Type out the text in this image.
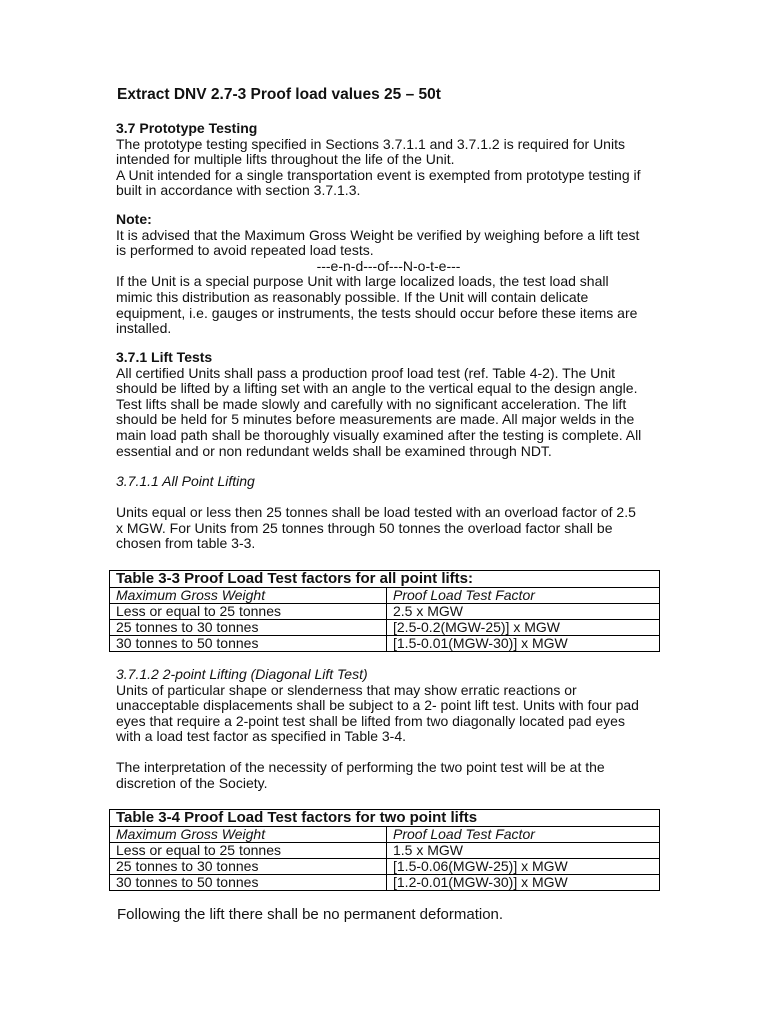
Extract DNV 2.7-3 Proof load values 25 – 50t
3.7 Prototype Testing
The prototype testing specified in Sections 3.7.1.1 and 3.7.1.2 is required for Units
intended for multiple lifts throughout the life of the Unit.
A Unit intended for a single transportation event is exempted from prototype testing if
built in accordance with section 3.7.1.3.
Note:
It is advised that the Maximum Gross Weight be verified by weighing before a lift test
is performed to avoid repeated load tests.
---e-n-d---of---N-o-t-e---
If the Unit is a special purpose Unit with large localized loads, the test load shall
mimic this distribution as reasonably possible. If the Unit will contain delicate
equipment, i.e. gauges or instruments, the tests should occur before these items are
installed.
3.7.1 Lift Tests
All certified Units shall pass a production proof load test (ref. Table 4-2). The Unit
should be lifted by a lifting set with an angle to the vertical equal to the design angle.
Test lifts shall be made slowly and carefully with no significant acceleration. The lift
should be held for 5 minutes before measurements are made. All major welds in the
main load path shall be thoroughly visually examined after the testing is complete. All
essential and or non redundant welds shall be examined through NDT.
3.7.1.1 All Point Lifting
Units equal or less then 25 tonnes shall be load tested with an overload factor of 2.5
x MGW. For Units from 25 tonnes through 50 tonnes the overload factor shall be
chosen from table 3-3.
Table 3-3 Proof Load Test factors for all point lifts:	
Maximum Gross Weight	Proof Load Test Factor
Less or equal to 25 tonnes	2.5 x MGW
25 tonnes to 30 tonnes	[2.5-0.2(MGW-25)] x MGW
30 tonnes to 50 tonnes	[1.5-0.01(MGW-30)] x MGW
3.7.1.2 2-point Lifting (Diagonal Lift Test)
Units of particular shape or slenderness that may show erratic reactions or
unacceptable displacements shall be subject to a 2- point lift test. Units with four pad
eyes that require a 2-point test shall be lifted from two diagonally located pad eyes
with a load test factor as specified in Table 3-4.
The interpretation of the necessity of performing the two point test will be at the
discretion of the Society.
Table 3-4 Proof Load Test factors for two point lifts	
Maximum Gross Weight	Proof Load Test Factor
Less or equal to 25 tonnes	1.5 x MGW
25 tonnes to 30 tonnes	[1.5-0.06(MGW-25)] x MGW
30 tonnes to 50 tonnes	[1.2-0.01(MGW-30)] x MGW
Following the lift there shall be no permanent deformation.
